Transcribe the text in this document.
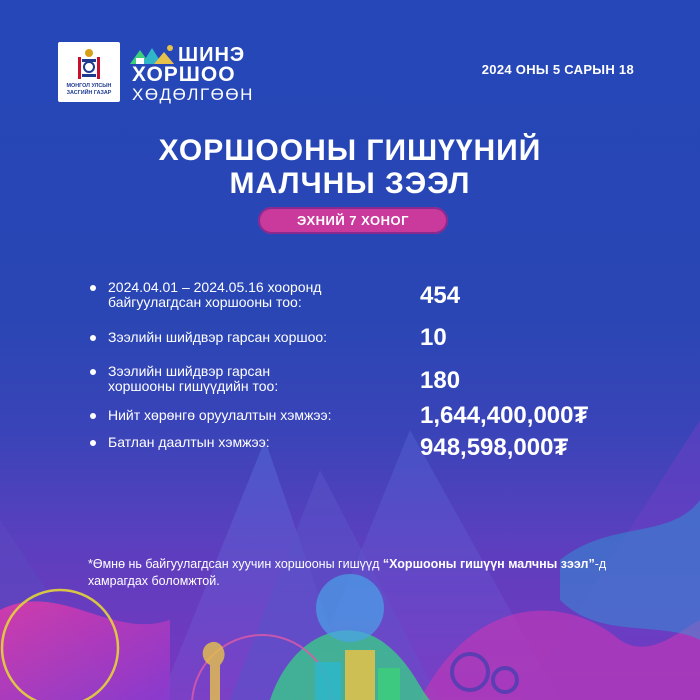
МОНГОЛ УЛСЫН
ЗАСГИЙН ГАЗАР
ШИНЭ
ХОРШОО
ХӨДӨЛГӨӨН
2024 ОНЫ 5 САРЫН 18
ХОРШООНЫ ГИШҮҮНИЙ
МАЛЧНЫ ЗЭЭЛ
ЭХНИЙ 7 ХОНОГ
2024.04.01 – 2024.05.16 хооронд
байгуулагдсан хоршооны тоо:	454
Зээлийн шийдвэр гарсан хоршоо:	10
Зээлийн шийдвэр гарсан
хоршооны гишүүдийн тоо:	180
Нийт хөрөнгө оруулалтын хэмжээ:	1,644,400,000₮
Батлан даалтын хэмжээ:	948,598,000₮
*Өмнө нь байгуулагдсан хуучин хоршооны гишүүд “Хоршооны гишүүн малчны зээл”-д хамрагдах боломжтой.
